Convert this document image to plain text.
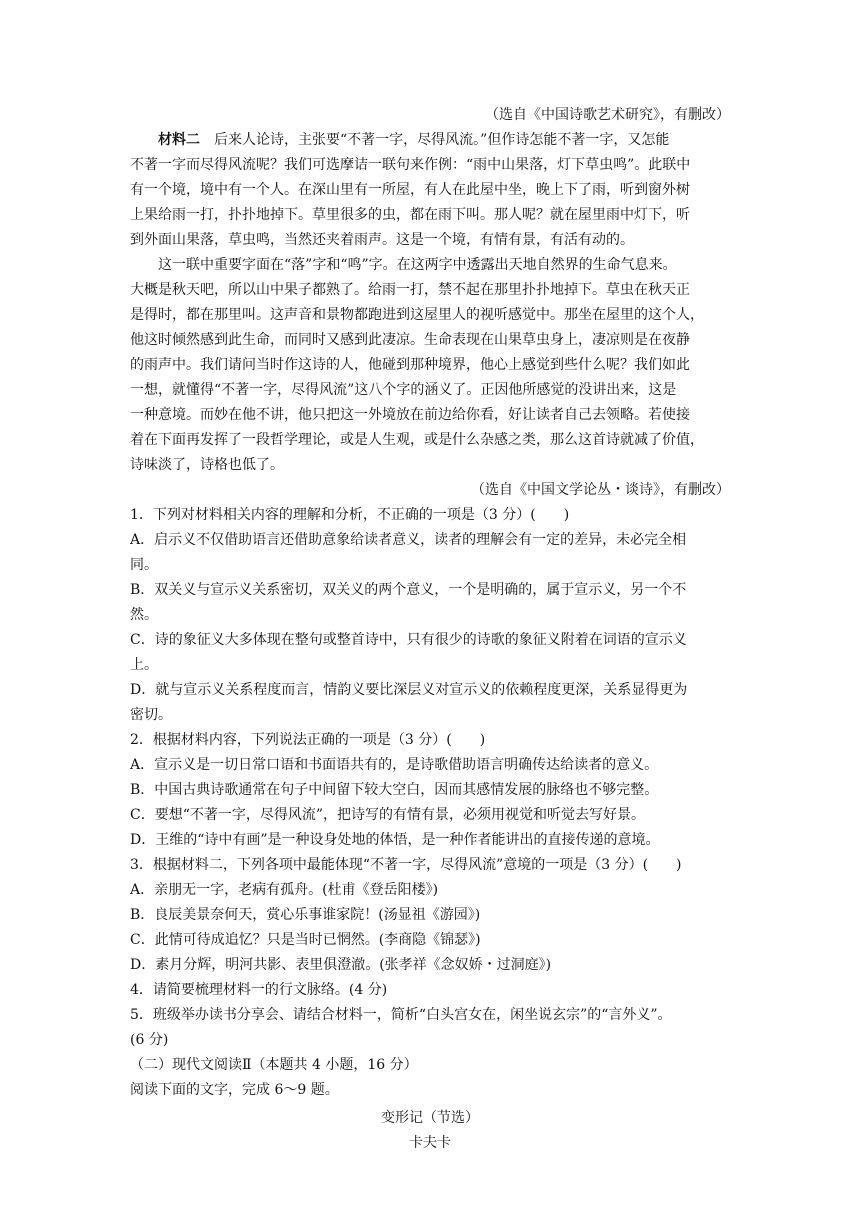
（选自《中国诗歌艺术研究》，有删改）
材料二　 后来人论诗，主张要“不著一字，尽得风流。”但作诗怎能不著一字，又怎能
不著一字而尽得风流呢？我们可选摩诘一联句来作例：“雨中山果落，灯下草虫鸣”。此联中
有一个境，境中有一个人。在深山里有一所屋，有人在此屋中坐，晚上下了雨，听到窗外树
上果给雨一打，扑扑地掉下。草里很多的虫，都在雨下叫。那人呢？就在屋里雨中灯下，听
到外面山果落，草虫鸣，当然还夹着雨声。这是一个境，有情有景，有活有动的。
这一联中重要字面在“落”字和“鸣”字。在这两字中透露出天地自然界的生命气息来。
大概是秋天吧，所以山中果子都熟了。给雨一打，禁不起在那里扑扑地掉下。草虫在秋天正
是得时，都在那里叫。这声音和景物都跑进到这屋里人的视听感觉中。那坐在屋里的这个人，
他这时倾然感到此生命，而同时又感到此凄凉。生命表现在山果草虫身上，凄凉则是在夜静
的雨声中。我们请问当时作这诗的人，他碰到那种境界，他心上感觉到些什么呢？我们如此
一想，就懂得“不著一字，尽得风流”这八个字的涵义了。正因他所感觉的没讲出来，这是
一种意境。而妙在他不讲，他只把这一外境放在前边给你看，好让读者自己去领略。若使接
着在下面再发挥了一段哲学理论，或是人生观，或是什么杂感之类，那么这首诗就减了价值，
诗味淡了，诗格也低了。
（选自《中国文学论丛・谈诗》，有删改）
1．下列对材料相关内容的理解和分析，不正确的一项是（3 分）(　　)
A．启示义不仅借助语言还借助意象给读者意义，读者的理解会有一定的差异，未必完全相
同。
B．双关义与宣示义关系密切，双关义的两个意义，一个是明确的，属于宣示义，另一个不
然。
C．诗的象征义大多体现在整句或整首诗中，只有很少的诗歌的象征义附着在词语的宣示义
上。
D．就与宣示义关系程度而言，情韵义要比深层义对宣示义的依赖程度更深，关系显得更为
密切。
2．根据材料内容，下列说法正确的一项是（3 分）(　　)
A．宣示义是一切日常口语和书面语共有的，是诗歌借助语言明确传达给读者的意义。
B．中国古典诗歌通常在句子中间留下较大空白，因而其感情发展的脉络也不够完整。
C．要想“不著一字，尽得风流”，把诗写的有情有景，必须用视觉和听觉去写好景。
D．王维的“诗中有画”是一种设身处地的体悟，是一种作者能讲出的直接传递的意境。
3．根据材料二，下列各项中最能体现“不著一字，尽得风流”意境的一项是（3 分）(　　)
A．亲朋无一字，老病有孤舟。(杜甫《登岳阳楼》)
B．良辰美景奈何天，赏心乐事谁家院！(汤显祖《游园》)
C．此情可待成追忆？只是当时已惘然。(李商隐《锦瑟》)
D．素月分辉，明河共影、表里俱澄澈。(张孝祥《念奴娇・过洞庭》)
4．请简要梳理材料一的行文脉络。(4 分)
5．班级举办读书分享会、请结合材料一，简析“白头宫女在，闲坐说玄宗”的“言外义”。
(6 分)
（二）现代文阅读Ⅱ（本题共 4 小题，16 分）
阅读下面的文字，完成 6～9 题。
变形记（节选）
卡夫卡
